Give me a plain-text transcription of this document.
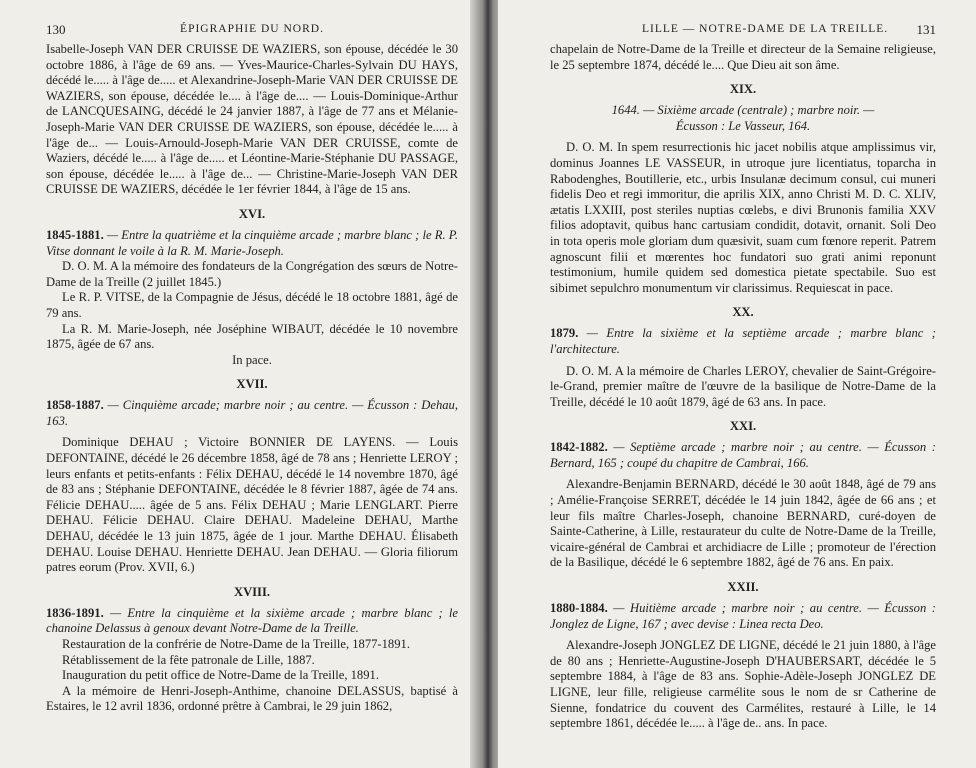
130	ÉPIGRAPHIE DU NORD.

Isabelle-Joseph VAN DER CRUISSE DE WAZIERS, son épouse, décédée le 30 octobre 1886, à l'âge de 69 ans. — Yves-Maurice-Charles-Sylvain DU HAYS, décédé le..... à l'âge de..... et Alexandrine-Joseph-Marie VAN DER CRUISSE DE WAZIERS, son épouse, décédée le.... à l'âge de.... — Louis-Dominique-Arthur de LANCQUESAING, décédé le 24 janvier 1887, à l'âge de 77 ans et Mélanie-Joseph-Marie VAN DER CRUISSE DE WAZIERS, son épouse, décédée le..... à l'âge de... — Louis-Arnould-Joseph-Marie VAN DER CRUISSE, comte de Waziers, décédé le..... à l'âge de..... et Léontine-Marie-Stéphanie DU PASSAGE, son épouse, décédée le..... à l'âge de... — Christine-Marie-Joseph VAN DER CRUISSE DE WAZIERS, décédée le 1er février 1844, à l'âge de 15 ans.

XVI.

1845-1881. — Entre la quatrième et la cinquième arcade ; marbre blanc ; le R. P. Vitse donnant le voile à la R. M. Marie-Joseph.

D. O. M. A la mémoire des fondateurs de la Congrégation des sœurs de Notre-Dame de la Treille (2 juillet 1845.)

Le R. P. VITSE, de la Compagnie de Jésus, décédé le 18 octobre 1881, âgé de 79 ans.

La R. M. Marie-Joseph, née Joséphine WIBAUT, décédée le 10 novembre 1875, âgée de 67 ans.

In pace.

XVII.

1858-1887. — Cinquième arcade; marbre noir ; au centre. — Écusson : Dehau, 163.

Dominique DEHAU ; Victoire BONNIER DE LAYENS. — Louis DEFONTAINE, décédé le 26 décembre 1858, âgé de 78 ans ; Henriette LEROY ; leurs enfants et petits-enfants : Félix DEHAU, décédé le 14 novembre 1870, âgé de 83 ans ; Stéphanie DEFONTAINE, décédée le 8 février 1887, âgée de 74 ans. Félicie DEHAU..... âgée de 5 ans. Félix DEHAU ; Marie LENGLART. Pierre DEHAU. Félicie DEHAU. Claire DEHAU. Madeleine DEHAU, Marthe DEHAU, décédée le 13 juin 1875, âgée de 1 jour. Marthe DEHAU. Élisabeth DEHAU. Louise DEHAU. Henriette DEHAU. Jean DEHAU. — Gloria filiorum patres eorum (Prov. XVII, 6.)

XVIII.

1836-1891. — Entre la cinquième et la sixième arcade ; marbre blanc ; le chanoine Delassus à genoux devant Notre-Dame de la Treille.

Restauration de la confrérie de Notre-Dame de la Treille, 1877-1891.

Rétablissement de la fête patronale de Lille, 1887.

Inauguration du petit office de Notre-Dame de la Treille, 1891.

A la mémoire de Henri-Joseph-Anthime, chanoine DELASSUS, baptisé à Estaires, le 12 avril 1836, ordonné prêtre à Cambrai, le 29 juin 1862,

LILLE — NOTRE-DAME DE LA TREILLE.	131

chapelain de Notre-Dame de la Treille et directeur de la Semaine religieuse, le 25 septembre 1874, décédé le.... Que Dieu ait son âme.

XIX.

1644. — Sixième arcade (centrale) ; marbre noir. —

Écusson : Le Vasseur, 164.

D. O. M. In spem resurrectionis hic jacet nobilis atque amplissimus vir, dominus Joannes LE VASSEUR, in utroque jure licentiatus, toparcha in Rabodenghes, Boutillerie, etc., urbis Insulanæ decimum consul, cui muneri fidelis Deo et regi immoritur, die aprilis XIX, anno Christi M. D. C. XLIV, ætatis LXXIII, post steriles nuptias cœlebs, e divi Brunonis familia XXV filios adoptavit, quibus hanc cartusiam condidit, dotavit, ornanit. Soli Deo in tota operis mole gloriam dum quæsivit, suam cum fœnore reperit. Patrem agnoscunt filii et mœrentes hoc fundatori suo grati animi reponunt testimonium, humile quidem sed domestica pietate spectabile. Suo est sibimet sepulchro monumentum vir clarissimus. Requiescat in pace.

XX.

1879. — Entre la sixième et la septième arcade ; marbre blanc ; l'architecture.

D. O. M. A la mémoire de Charles LEROY, chevalier de Saint-Grégoire-le-Grand, premier maître de l'œuvre de la basilique de Notre-Dame de la Treille, décédé le 10 août 1879, âgé de 63 ans. In pace.

XXI.

1842-1882. — Septième arcade ; marbre noir ; au centre. — Écusson : Bernard, 165 ; coupé du chapitre de Cambrai, 166.

Alexandre-Benjamin BERNARD, décédé le 30 août 1848, âgé de 79 ans ; Amélie-Françoise SERRET, décédée le 14 juin 1842, âgée de 66 ans ; et leur fils maître Charles-Joseph, chanoine BERNARD, curé-doyen de Sainte-Catherine, à Lille, restaurateur du culte de Notre-Dame de la Treille, vicaire-général de Cambrai et archidiacre de Lille ; promoteur de l'érection de la Basilique, décédé le 6 septembre 1882, âgé de 76 ans. En paix.

XXII.

1880-1884. — Huitième arcade ; marbre noir ; au centre. — Écusson : Jonglez de Ligne, 167 ; avec devise : Linea recta Deo.

Alexandre-Joseph JONGLEZ DE LIGNE, décédé le 21 juin 1880, à l'âge de 80 ans ; Henriette-Augustine-Joseph D'HAUBERSART, décédée le 5 septembre 1884, à l'âge de 83 ans. Sophie-Adèle-Joseph JONGLEZ DE LIGNE, leur fille, religieuse carmélite sous le nom de sr Catherine de Sienne, fondatrice du couvent des Carmélites, restauré à Lille, le 14 septembre 1861, décédée le..... à l'âge de.. ans. In pace.
